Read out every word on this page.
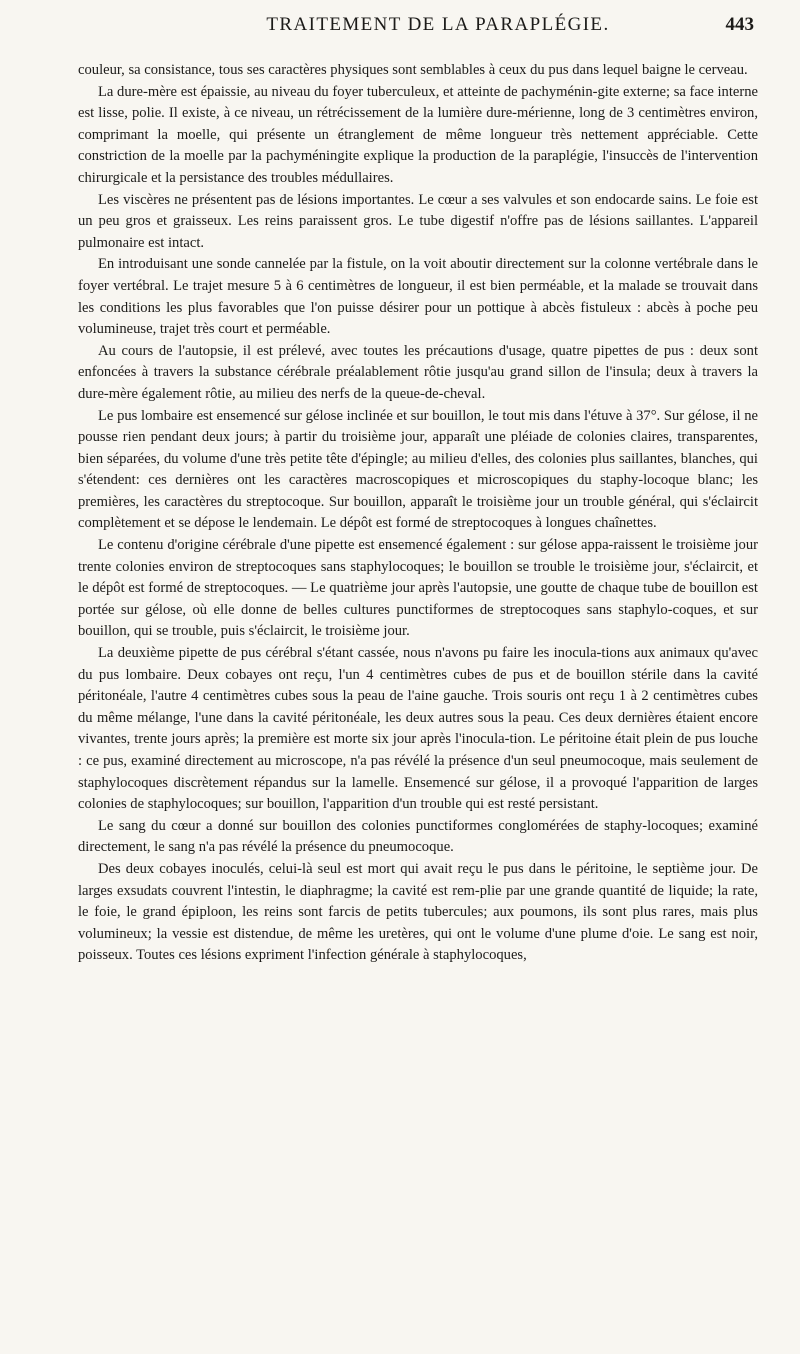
TRAITEMENT DE LA PARAPLÉGIE.	443

couleur, sa consistance, tous ses caractères physiques sont semblables à ceux du pus dans lequel baigne le cerveau.

La dure-mère est épaissie, au niveau du foyer tuberculeux, et atteinte de pachyménin-gite externe; sa face interne est lisse, polie. Il existe, à ce niveau, un rétrécissement de la lumière dure-mérienne, long de 3 centimètres environ, comprimant la moelle, qui présente un étranglement de même longueur très nettement appréciable. Cette constriction de la moelle par la pachyméningite explique la production de la paraplégie, l'insuccès de l'intervention chirurgicale et la persistance des troubles médullaires.

Les viscères ne présentent pas de lésions importantes. Le cœur a ses valvules et son endocarde sains. Le foie est un peu gros et graisseux. Les reins paraissent gros. Le tube digestif n'offre pas de lésions saillantes. L'appareil pulmonaire est intact.

En introduisant une sonde cannelée par la fistule, on la voit aboutir directement sur la colonne vertébrale dans le foyer vertébral. Le trajet mesure 5 à 6 centimètres de longueur, il est bien perméable, et la malade se trouvait dans les conditions les plus favorables que l'on puisse désirer pour un pottique à abcès fistuleux : abcès à poche peu volumineuse, trajet très court et perméable.

Au cours de l'autopsie, il est prélevé, avec toutes les précautions d'usage, quatre pipettes de pus : deux sont enfoncées à travers la substance cérébrale préalablement rôtie jusqu'au grand sillon de l'insula; deux à travers la dure-mère également rôtie, au milieu des nerfs de la queue-de-cheval.

Le pus lombaire est ensemencé sur gélose inclinée et sur bouillon, le tout mis dans l'étuve à 37°. Sur gélose, il ne pousse rien pendant deux jours; à partir du troisième jour, apparaît une pléiade de colonies claires, transparentes, bien séparées, du volume d'une très petite tête d'épingle; au milieu d'elles, des colonies plus saillantes, blanches, qui s'étendent: ces dernières ont les caractères macroscopiques et microscopiques du staphy-locoque blanc; les premières, les caractères du streptocoque. Sur bouillon, apparaît le troisième jour un trouble général, qui s'éclaircit complètement et se dépose le lendemain. Le dépôt est formé de streptocoques à longues chaînettes.

Le contenu d'origine cérébrale d'une pipette est ensemencé également : sur gélose appa-raissent le troisième jour trente colonies environ de streptocoques sans staphylocoques; le bouillon se trouble le troisième jour, s'éclaircit, et le dépôt est formé de streptocoques. — Le quatrième jour après l'autopsie, une goutte de chaque tube de bouillon est portée sur gélose, où elle donne de belles cultures punctiformes de streptocoques sans staphylo-coques, et sur bouillon, qui se trouble, puis s'éclaircit, le troisième jour.

La deuxième pipette de pus cérébral s'étant cassée, nous n'avons pu faire les inocula-tions aux animaux qu'avec du pus lombaire. Deux cobayes ont reçu, l'un 4 centimètres cubes de pus et de bouillon stérile dans la cavité péritonéale, l'autre 4 centimètres cubes sous la peau de l'aine gauche. Trois souris ont reçu 1 à 2 centimètres cubes du même mélange, l'une dans la cavité péritonéale, les deux autres sous la peau. Ces deux dernières étaient encore vivantes, trente jours après; la première est morte six jour après l'inocula-tion. Le péritoine était plein de pus louche : ce pus, examiné directement au microscope, n'a pas révélé la présence d'un seul pneumocoque, mais seulement de staphylocoques discrètement répandus sur la lamelle. Ensemencé sur gélose, il a provoqué l'apparition de larges colonies de staphylocoques; sur bouillon, l'apparition d'un trouble qui est resté persistant.

Le sang du cœur a donné sur bouillon des colonies punctiformes conglomérées de staphy-locoques; examiné directement, le sang n'a pas révélé la présence du pneumocoque.

Des deux cobayes inoculés, celui-là seul est mort qui avait reçu le pus dans le péritoine, le septième jour. De larges exsudats couvrent l'intestin, le diaphragme; la cavité est rem-plie par une grande quantité de liquide; la rate, le foie, le grand épiploon, les reins sont farcis de petits tubercules; aux poumons, ils sont plus rares, mais plus volumineux; la vessie est distendue, de même les uretères, qui ont le volume d'une plume d'oie. Le sang est noir, poisseux. Toutes ces lésions expriment l'infection générale à staphylocoques,
